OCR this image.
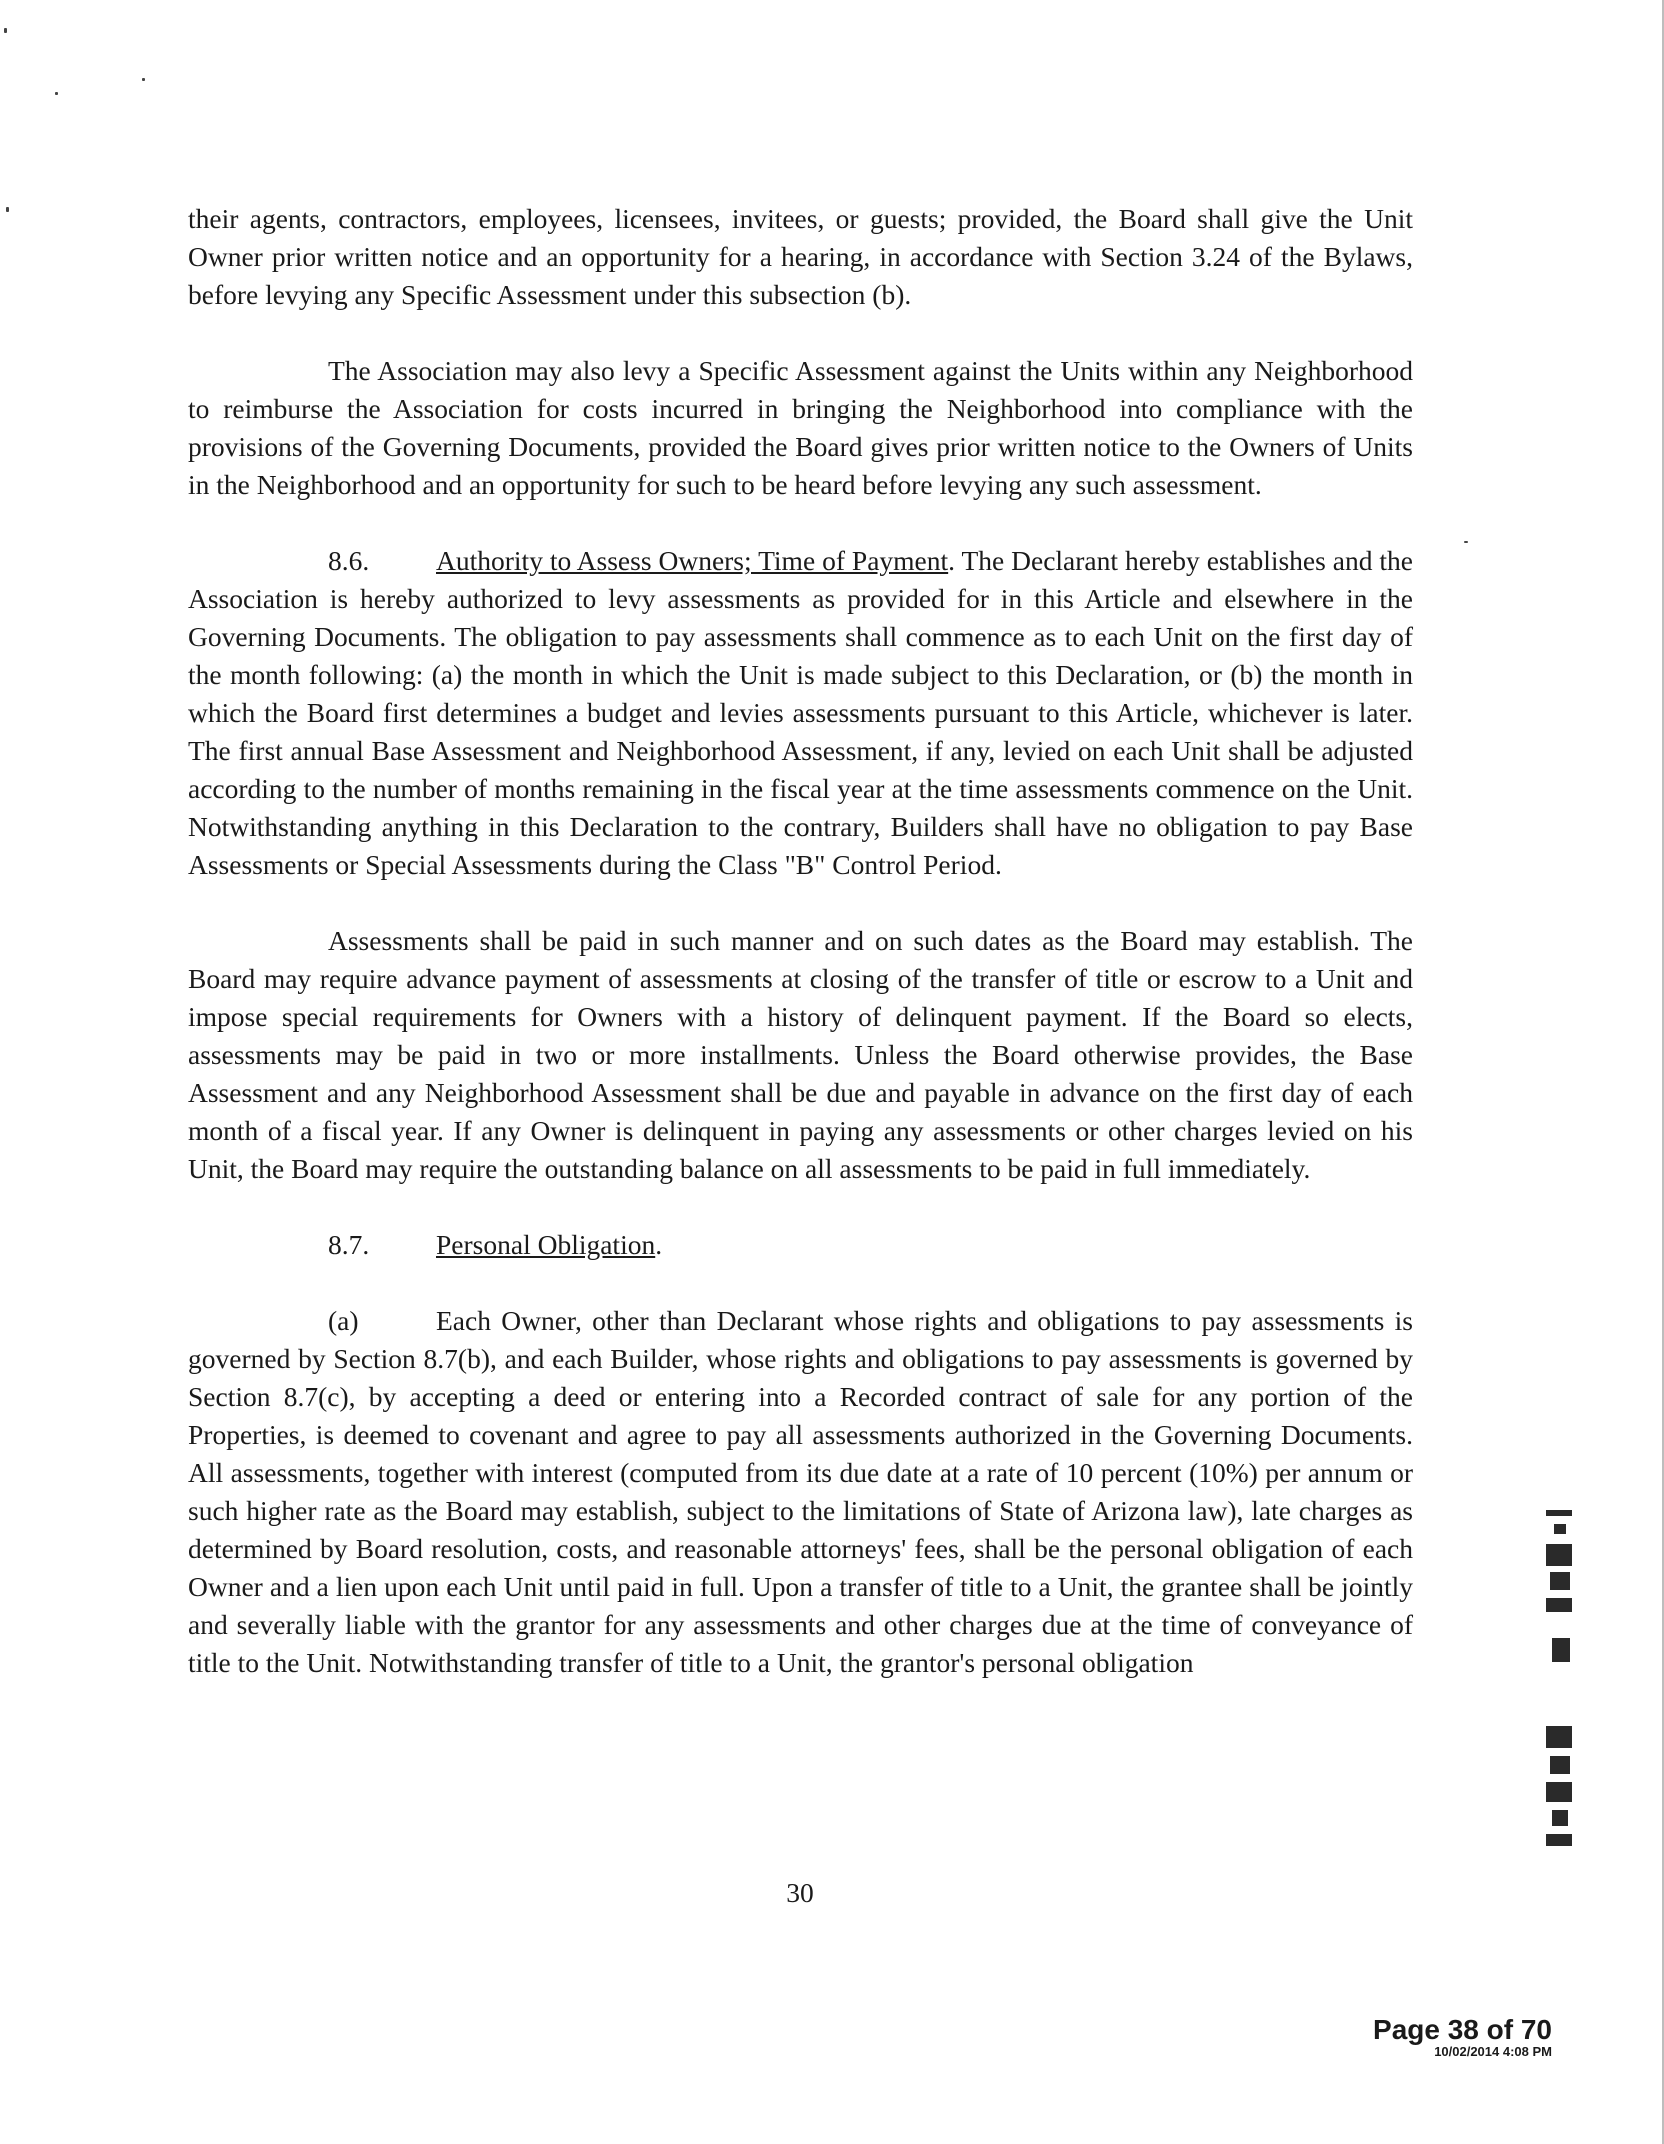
their agents, contractors, employees, licensees, invitees, or guests; provided, the Board shall give the Unit Owner prior written notice and an opportunity for a hearing, in accordance with Section 3.24 of the Bylaws, before levying any Specific Assessment under this subsection (b).

The Association may also levy a Specific Assessment against the Units within any Neighborhood to reimburse the Association for costs incurred in bringing the Neighborhood into compliance with the provisions of the Governing Documents, provided the Board gives prior written notice to the Owners of Units in the Neighborhood and an opportunity for such to be heard before levying any such assessment.

8.6. Authority to Assess Owners; Time of Payment. The Declarant hereby establishes and the Association is hereby authorized to levy assessments as provided for in this Article and elsewhere in the Governing Documents. The obligation to pay assessments shall commence as to each Unit on the first day of the month following: (a) the month in which the Unit is made subject to this Declaration, or (b) the month in which the Board first determines a budget and levies assessments pursuant to this Article, whichever is later. The first annual Base Assessment and Neighborhood Assessment, if any, levied on each Unit shall be adjusted according to the number of months remaining in the fiscal year at the time assessments commence on the Unit. Notwithstanding anything in this Declaration to the contrary, Builders shall have no obligation to pay Base Assessments or Special Assessments during the Class "B" Control Period.

Assessments shall be paid in such manner and on such dates as the Board may establish. The Board may require advance payment of assessments at closing of the transfer of title or escrow to a Unit and impose special requirements for Owners with a history of delinquent payment. If the Board so elects, assessments may be paid in two or more installments. Unless the Board otherwise provides, the Base Assessment and any Neighborhood Assessment shall be due and payable in advance on the first day of each month of a fiscal year. If any Owner is delinquent in paying any assessments or other charges levied on his Unit, the Board may require the outstanding balance on all assessments to be paid in full immediately.

8.7. Personal Obligation.

(a)	Each Owner, other than Declarant whose rights and obligations to pay assessments is governed by Section 8.7(b), and each Builder, whose rights and obligations to pay assessments is governed by Section 8.7(c), by accepting a deed or entering into a Recorded contract of sale for any portion of the Properties, is deemed to covenant and agree to pay all assessments authorized in the Governing Documents. All assessments, together with interest (computed from its due date at a rate of 10 percent (10%) per annum or such higher rate as the Board may establish, subject to the limitations of State of Arizona law), late charges as determined by Board resolution, costs, and reasonable attorneys' fees, shall be the personal obligation of each Owner and a lien upon each Unit until paid in full. Upon a transfer of title to a Unit, the grantee shall be jointly and severally liable with the grantor for any assessments and other charges due at the time of conveyance of title to the Unit. Notwithstanding transfer of title to a Unit, the grantor's personal obligation

30
Page 38 of 70
10/02/2014 4:08 PM
